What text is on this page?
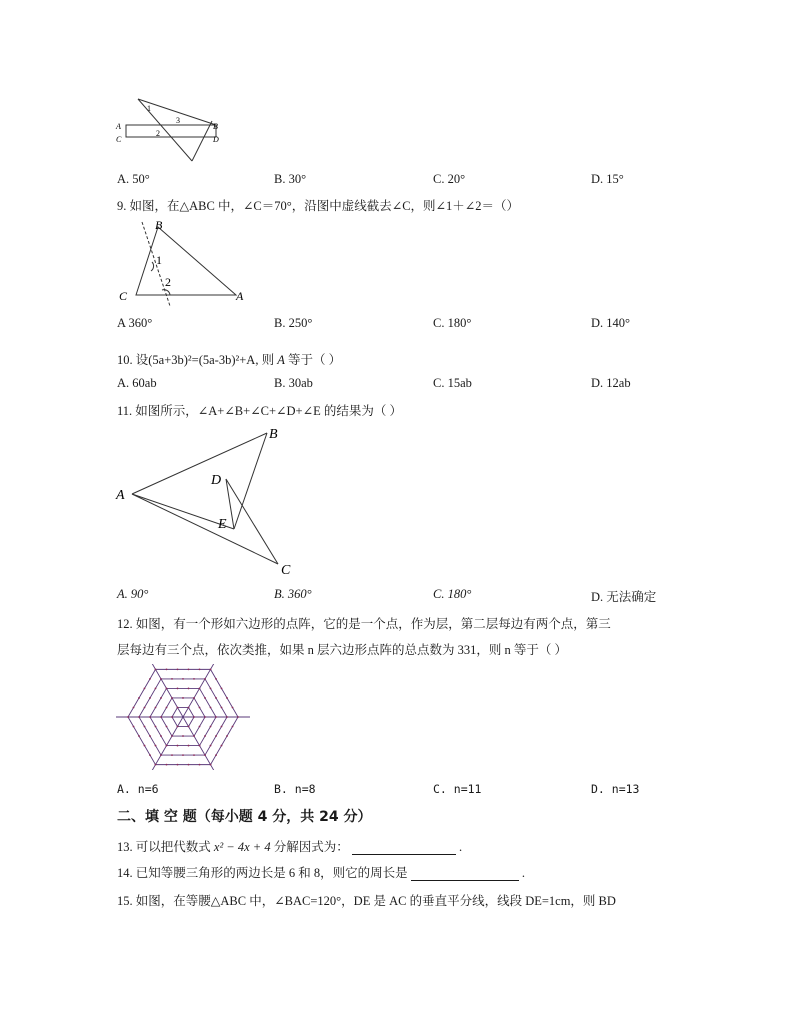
1
3
2
A	B
C	D
A. 50°	B. 30°	C. 20°	D. 15°
9. 如图，在△ABC 中，∠C＝70°，沿图中虚线截去∠C，则∠1＋∠2＝（）
B
1
2
C	A
A 360°	B. 250°	C. 180°	D. 140°
10. 设(5a+3b)²=(5a-3b)²+A, 则 A 等于（ ）
A. 60ab	B. 30ab	C. 15ab	D. 12ab
11. 如图所示，∠A+∠B+∠C+∠D+∠E 的结果为（ ）
B
A
D
E
C
A. 90°	B. 360°	C. 180°	D. 无法确定
12. 如图，有一个形如六边形的点阵，它的是一个点，作为层，第二层每边有两个点，第三
层每边有三个点，依次类推，如果 n 层六边形点阵的总点数为 331，则 n 等于（ ）
A. n=6	B. n=8	C. n=11	D. n=13
二、填 空 题（每小题 4 分，共 24 分）
13. 可以把代数式 x² − 4x + 4 分解因式为：	.
14. 已知等腰三角形的两边长是 6 和 8，则它的周长是	.
15. 如图，在等腰△ABC 中，∠BAC=120°，DE 是 AC 的垂直平分线，线段 DE=1cm，则 BD
